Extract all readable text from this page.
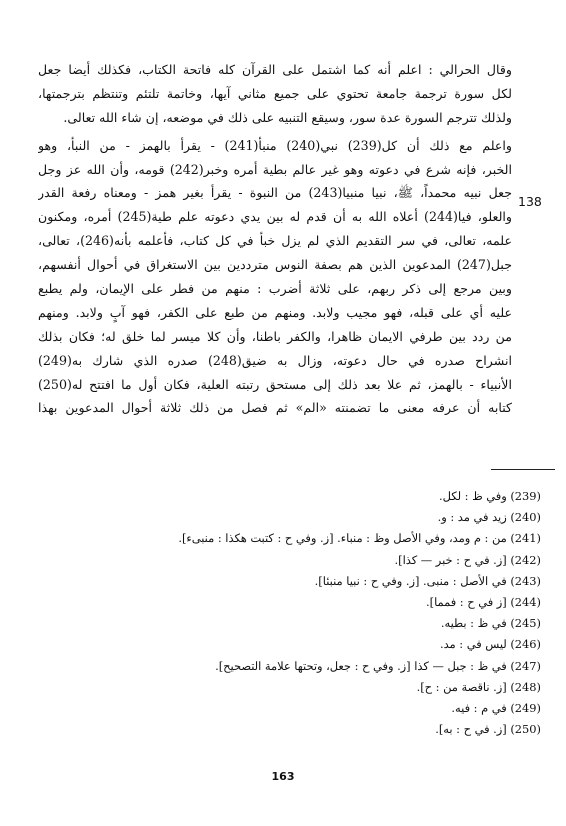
وقال الحرالي : اعلم أنه كما اشتمل على القرآن كله فاتحة الكتاب، فكذلك أيضا جعل
لكل سورة ترجمة جامعة تحتوي على جميع مثاني آيها، وخاتمة تلتئم وتنتظم بترجمتها،
ولذلك تترجم السورة عدة سور، وسيقع التنبيه على ذلك في موضعه، إن شاء الله تعالى.
واعلم مع ذلك أن كل(239) نبي(240) منبأ(241) - يقرأ بالهمز - من النبأ، وهو
الخبر، فإنه شرع في دعوته وهو غير عالم بطية أمره وخبر(242) قومه، وأن الله عز وجل
جعل نبيه محمداً، ﷺ، نبيا منبيا(243) من النبوة - يقرأ بغير همز - ومعناه رفعة القدر
والعلو، فيا(244) أعلاه الله به أن قدم له بين يدي دعوته علم طية(245) أمره، ومكنون
علمه، تعالى، في سر التقديم الذي لم يزل خبأ في كل كتاب، فأعلمه بأنه(246)، تعالى،
جبل(247) المدعوين الذين هم بصفة النوس مترددين بين الاستغراق في أحوال أنفسهم،
وبين مرجع إلى ذكر ربهم، على ثلاثة أضرب : منهم من فطر على الإيمان، ولم يطبع
عليه أي على قبله، فهو مجيب ولابد. ومنهم من طبع على الكفر، فهو آبٍ ولابد. ومنهم
من ردد بين طرفي الايمان ظاهرا، والكفر باطنا، وأن كلا ميسر لما خلق له؛ فكان بذلك
انشراح صدره في حال دعوته، وزال به ضيق(248) صدره الذي شارك به(249)
الأنبياء - بالهمز، ثم علا بعد ذلك إلى مستحق رتبته العلية، فكان أول ما افتتح له(250)
كتابه أن عرفه معنى ما تضمنته «الم» ثم فصل من ذلك ثلاثة أحوال المدعوين بهذا
138
(239) وفي ظ : لكل.
(240) زيد في مد : و.
(241) من : م ومد، وفي الأصل وظ : منباء. [ز. وفي ح : كتبت هكذا : منبىء].
(242) [ز. في ح : خبر — كذا].
(243) في الأصل : منبى. [ز. وفي ح : نبيا منبئا].
(244) [ز في ح : فمما].
(245) في ظ : بطيه.
(246) ليس في : مد.
(247) في ظ : جبل — كذا [ز. وفي ح : جعل، وتحتها علامة التصحيح].
(248) [ز. ناقصة من : ح].
(249) في م : فيه.
(250) [ز. في ح : به].
163
